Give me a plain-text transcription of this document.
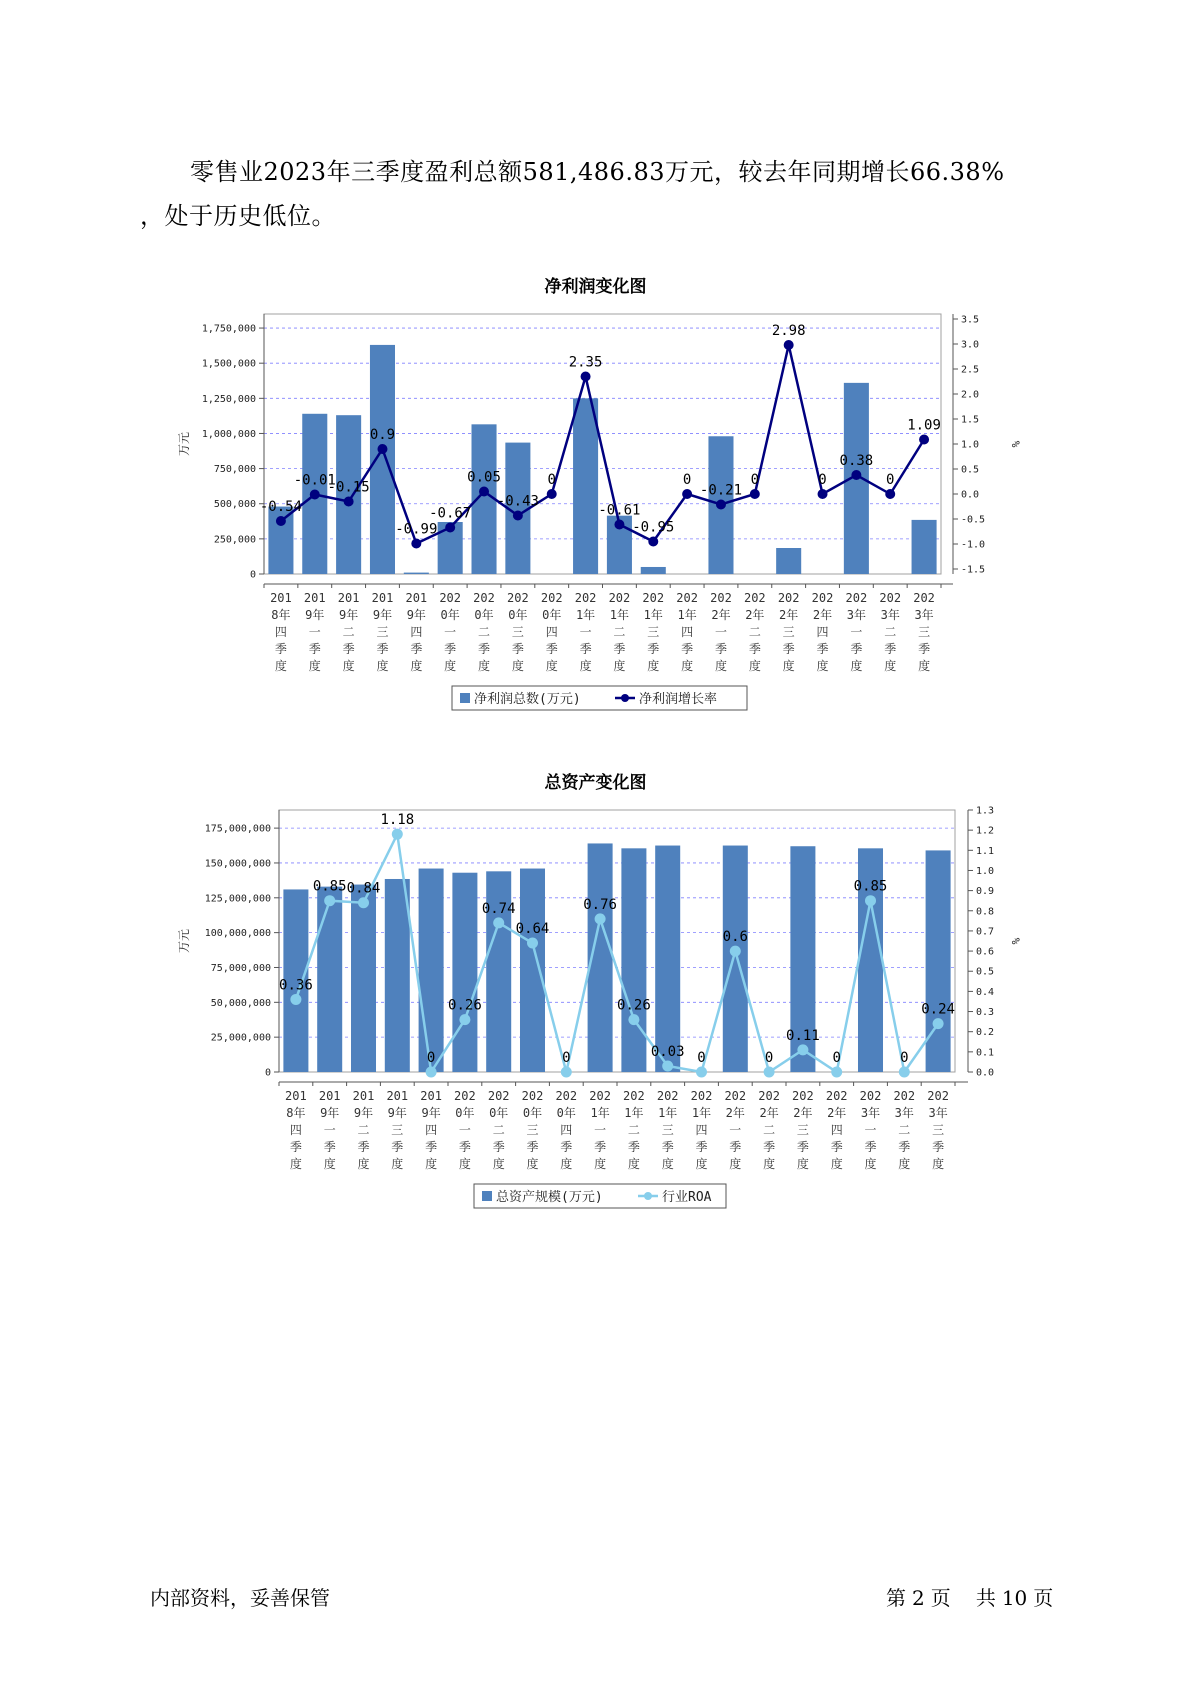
零售业2023年三季度盈利总额581,486.83万元，较去年同期增长66.38%
，处于历史低位。
净利润变化图
0
250,000
500,000
750,000
1,000,000
1,250,000
1,500,000
1,750,000
-1.5
-1.0
-0.5
0.0
0.5
1.0
1.5
2.0
2.5
3.0
3.5
万元	%
201
8年
四
季
度
201
9年
一
季
度
201
9年
二
季
度
201
9年
三
季
度
201
9年
四
季
度
202
0年
一
季
度
202
0年
二
季
度
202
0年
三
季
度
202
0年
四
季
度
202
1年
一
季
度
202
1年
二
季
度
202
1年
三
季
度
202
1年
四
季
度
202
2年
一
季
度
202
2年
二
季
度
202
2年
三
季
度
202
2年
四
季
度
202
3年
一
季
度
202
3年
二
季
度
202
3年
三
季
度
-0.54
-0.01
-0.15
0.9
-0.99
-0.67
0.05
-0.43
0
2.35
-0.61
-0.95
0
-0.21
0
2.98
0
0.38
0
1.09
净利润总数(万元)	净利润增长率
总资产变化图
0
25,000,000
50,000,000
75,000,000
100,000,000
125,000,000
150,000,000
175,000,000
0.0
0.1
0.2
0.3
0.4
0.5
0.6
0.7
0.8
0.9
1.0
1.1
1.2
1.3
万元	%
201
8年
四
季
度
201
9年
一
季
度
201
9年
二
季
度
201
9年
三
季
度
201
9年
四
季
度
202
0年
一
季
度
202
0年
二
季
度
202
0年
三
季
度
202
0年
四
季
度
202
1年
一
季
度
202
1年
二
季
度
202
1年
三
季
度
202
1年
四
季
度
202
2年
一
季
度
202
2年
二
季
度
202
2年
三
季
度
202
2年
四
季
度
202
3年
一
季
度
202
3年
二
季
度
202
3年
三
季
度
0.36
0.85 0.84
1.18
0
0.26
0.74
0.64
0
0.76
0.26
0.03 0
0.6
0
0.11
0
0.85
0
0.24
总资产规模(万元)	行业ROA
内部资料，妥善保管	第 2 页 共 10 页
